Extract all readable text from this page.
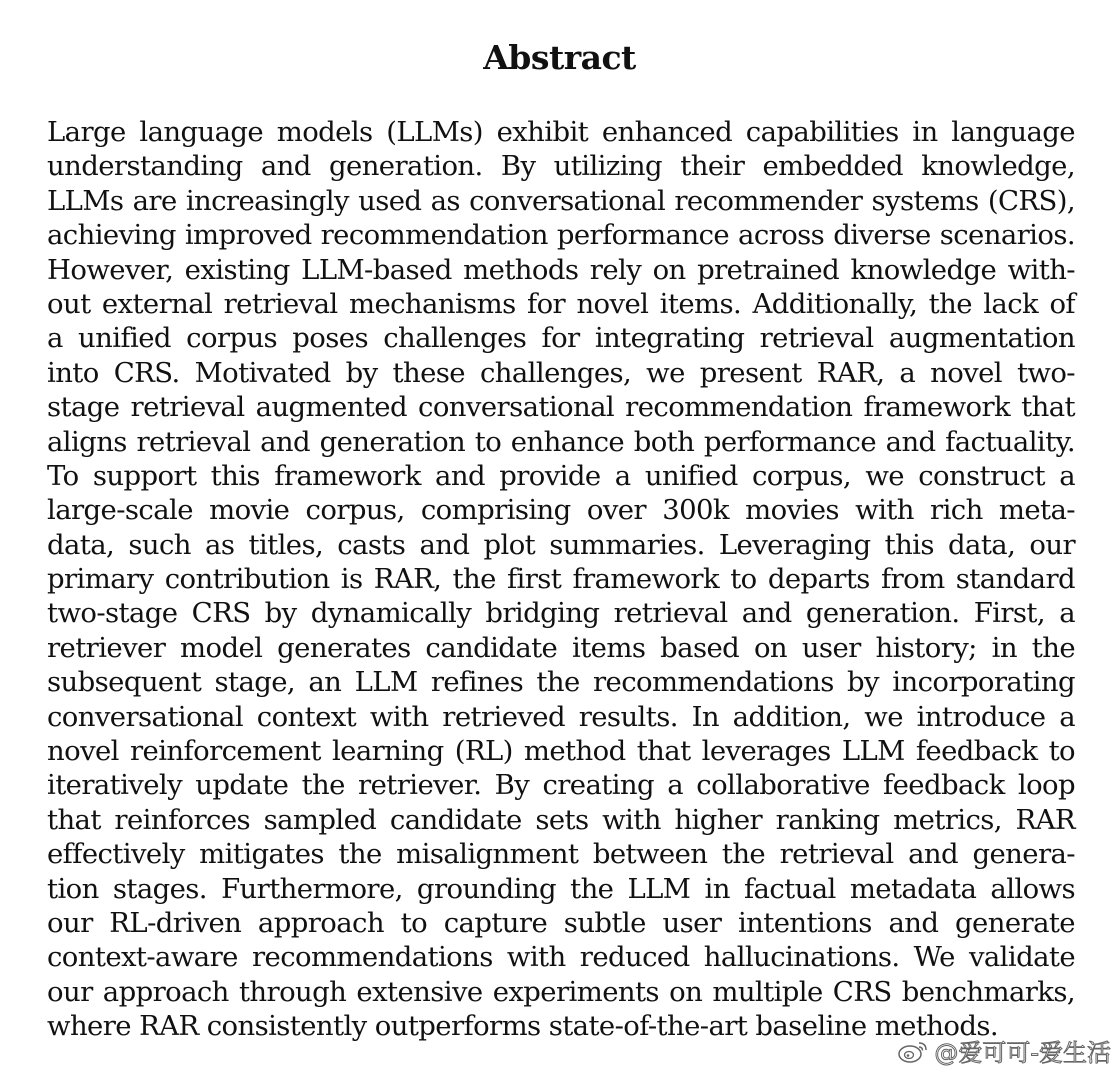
Abstract
Large language models (LLMs) exhibit enhanced capabilities in language
understanding and generation. By utilizing their embedded knowledge,
LLMs are increasingly used as conversational recommender systems (CRS),
achieving improved recommendation performance across diverse scenarios.
However, existing LLM-based methods rely on pretrained knowledge with-
out external retrieval mechanisms for novel items. Additionally, the lack of
a unified corpus poses challenges for integrating retrieval augmentation
into CRS. Motivated by these challenges, we present RAR, a novel two-
stage retrieval augmented conversational recommendation framework that
aligns retrieval and generation to enhance both performance and factuality.
To support this framework and provide a unified corpus, we construct a
large-scale movie corpus, comprising over 300k movies with rich meta-
data, such as titles, casts and plot summaries. Leveraging this data, our
primary contribution is RAR, the first framework to departs from standard
two-stage CRS by dynamically bridging retrieval and generation. First, a
retriever model generates candidate items based on user history; in the
subsequent stage, an LLM refines the recommendations by incorporating
conversational context with retrieved results. In addition, we introduce a
novel reinforcement learning (RL) method that leverages LLM feedback to
iteratively update the retriever. By creating a collaborative feedback loop
that reinforces sampled candidate sets with higher ranking metrics, RAR
effectively mitigates the misalignment between the retrieval and genera-
tion stages. Furthermore, grounding the LLM in factual metadata allows
our RL-driven approach to capture subtle user intentions and generate
context-aware recommendations with reduced hallucinations. We validate
our approach through extensive experiments on multiple CRS benchmarks,
where RAR consistently outperforms state-of-the-art baseline methods.
@爱可可-爱生活
